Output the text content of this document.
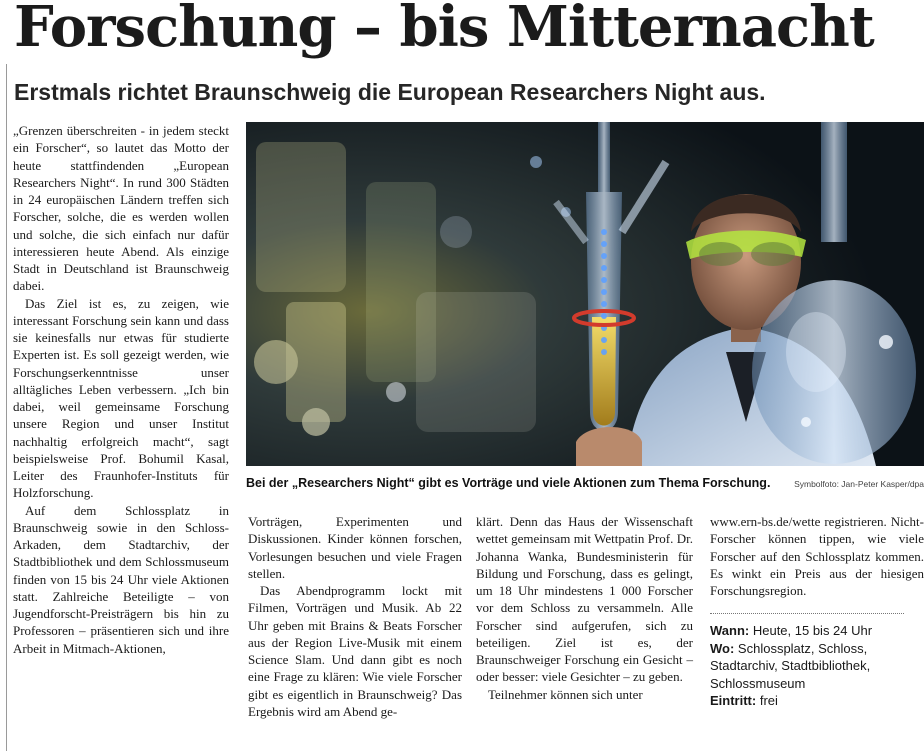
Forschung – bis Mitternacht
Erstmals richtet Braunschweig die European Researchers Night aus.

„Grenzen überschreiten - in jedem steckt ein Forscher“, so lautet das Motto der heute stattfindenden „European Researchers Night“. In rund 300 Städten in 24 europäischen Ländern treffen sich Forscher, solche, die es werden wollen und solche, die sich einfach nur dafür interessieren heute Abend. Als einzige Stadt in Deutschland ist Braunschweig dabei.

Das Ziel ist es, zu zeigen, wie interessant Forschung sein kann und dass sie keinesfalls nur etwas für studierte Experten ist. Es soll gezeigt werden, wie Forschungserkenntnisse unser alltägliches Leben verbessern. „Ich bin dabei, weil gemeinsame Forschung unsere Region und unser Institut nachhaltig erfolgreich macht“, sagt beispielsweise Prof. Bohumil Kasal, Leiter des Fraunhofer-Instituts für Holzforschung.

Auf dem Schlossplatz in Braunschweig sowie in den Schloss-Arkaden, dem Stadtarchiv, der Stadtbibliothek und dem Schlossmuseum finden von 15 bis 24 Uhr viele Aktionen statt. Zahlreiche Beteiligte – von Jugendforscht-Preisträgern bis hin zu Professoren – präsentieren sich und ihre Arbeit in Mitmach-Aktionen,

Bei der „Researchers Night“ gibt es Vorträge und viele Aktionen zum Thema Forschung.	Symbolfoto: Jan-Peter Kasper/dpa

Vorträgen, Experimenten und Diskussionen. Kinder können forschen, Vorlesungen besuchen und viele Fragen stellen.

Das Abendprogramm lockt mit Filmen, Vorträgen und Musik. Ab 22 Uhr geben mit Brains & Beats Forscher aus der Region Live-Musik mit einem Science Slam. Und dann gibt es noch eine Frage zu klären: Wie viele Forscher gibt es eigentlich in Braunschweig? Das Ergebnis wird am Abend ge-

klärt. Denn das Haus der Wissenschaft wettet gemeinsam mit Wettpatin Prof. Dr. Johanna Wanka, Bundesministerin für Bildung und Forschung, dass es gelingt, um 18 Uhr mindestens 1 000 Forscher vor dem Schloss zu versammeln. Alle Forscher sind aufgerufen, sich zu beteiligen. Ziel ist es, der Braunschweiger Forschung ein Gesicht – oder besser: viele Gesichter – zu geben.

Teilnehmer können sich unter

www.ern-bs.de/wette registrieren. Nicht-Forscher können tippen, wie viele Forscher auf den Schlossplatz kommen. Es winkt ein Preis aus der hiesigen Forschungsregion.

Wann: Heute, 15 bis 24 Uhr
Wo: Schlossplatz, Schloss, Stadtarchiv, Stadtbibliothek, Schlossmuseum
Eintritt: frei
